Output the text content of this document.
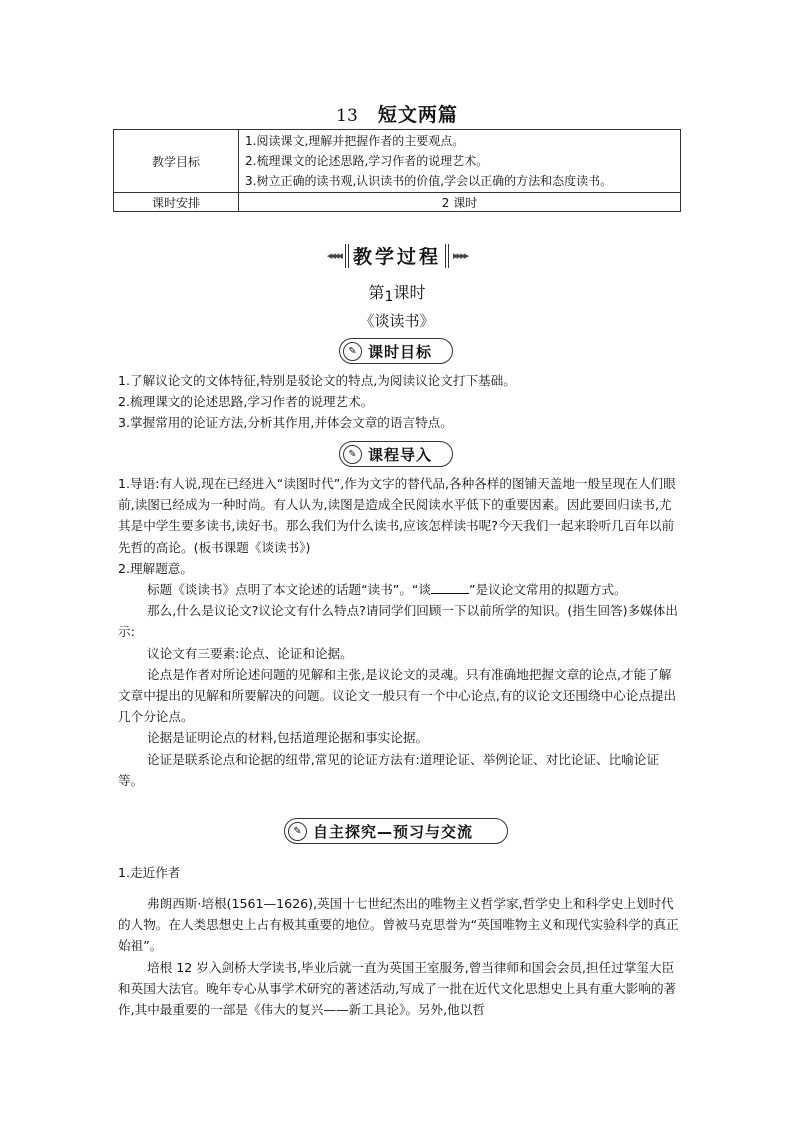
13 短文两篇
教学目标	1.阅读课文,理解并把握作者的主要观点。
2.梳理课文的论述思路,学习作者的说理艺术。
3.树立正确的读书观,认识读书的价值,学会以正确的方法和态度读书。

课时安排	2 课时
◂◂◂◂ 教学过程 ▸▸▸▸
第$_1$课时
《谈读书》
✎ 课时目标
1.了解议论文的文体特征,特别是驳论文的特点,为阅读议论文打下基础。
2.梳理课文的论述思路,学习作者的说理艺术。
3.掌握常用的论证方法,分析其作用,并体会文章的语言特点。
✎ 课程导入
1.导语:有人说,现在已经进入“读图时代”,作为文字的替代品,各种各样的图铺天盖地一般呈现在人们眼前,读图已经成为一种时尚。有人认为,读图是造成全民阅读水平低下的重要因素。因此要回归读书,尤其是中学生要多读书,读好书。那么我们为什么读书,应该怎样读书呢?今天我们一起来聆听几百年以前先哲的高论。(板书课题《谈读书》)
2.理解题意。
标题《谈读书》点明了本文论述的话题“读书”。“谈	”是议论文常用的拟题方式。
那么,什么是议论文?议论文有什么特点?请同学们回顾一下以前所学的知识。(指生回答)多媒体出示:
议论文有三要素:论点、论证和论据。
论点是作者对所论述问题的见解和主张,是议论文的灵魂。只有准确地把握文章的论点,才能了解文章中提出的见解和所要解决的问题。议论文一般只有一个中心论点,有的议论文还围绕中心论点提出几个分论点。
论据是证明论点的材料,包括道理论据和事实论据。
论证是联系论点和论据的纽带,常见的论证方法有:道理论证、举例论证、对比论证、比喻论证等。
✎ 自主探究—预习与交流
1.走近作者
弗朗西斯·培根(1561—1626),英国十七世纪杰出的唯物主义哲学家,哲学史上和科学史上划时代的人物。在人类思想史上占有极其重要的地位。曾被马克思誉为“英国唯物主义和现代实验科学的真正始祖”。
培根 12 岁入剑桥大学读书,毕业后就一直为英国王室服务,曾当律师和国会会员,担任过掌玺大臣和英国大法官。晚年专心从事学术研究的著述活动,写成了一批在近代文化思想史上具有重大影响的著作,其中最重要的一部是《伟大的复兴——新工具论》。另外,他以哲
